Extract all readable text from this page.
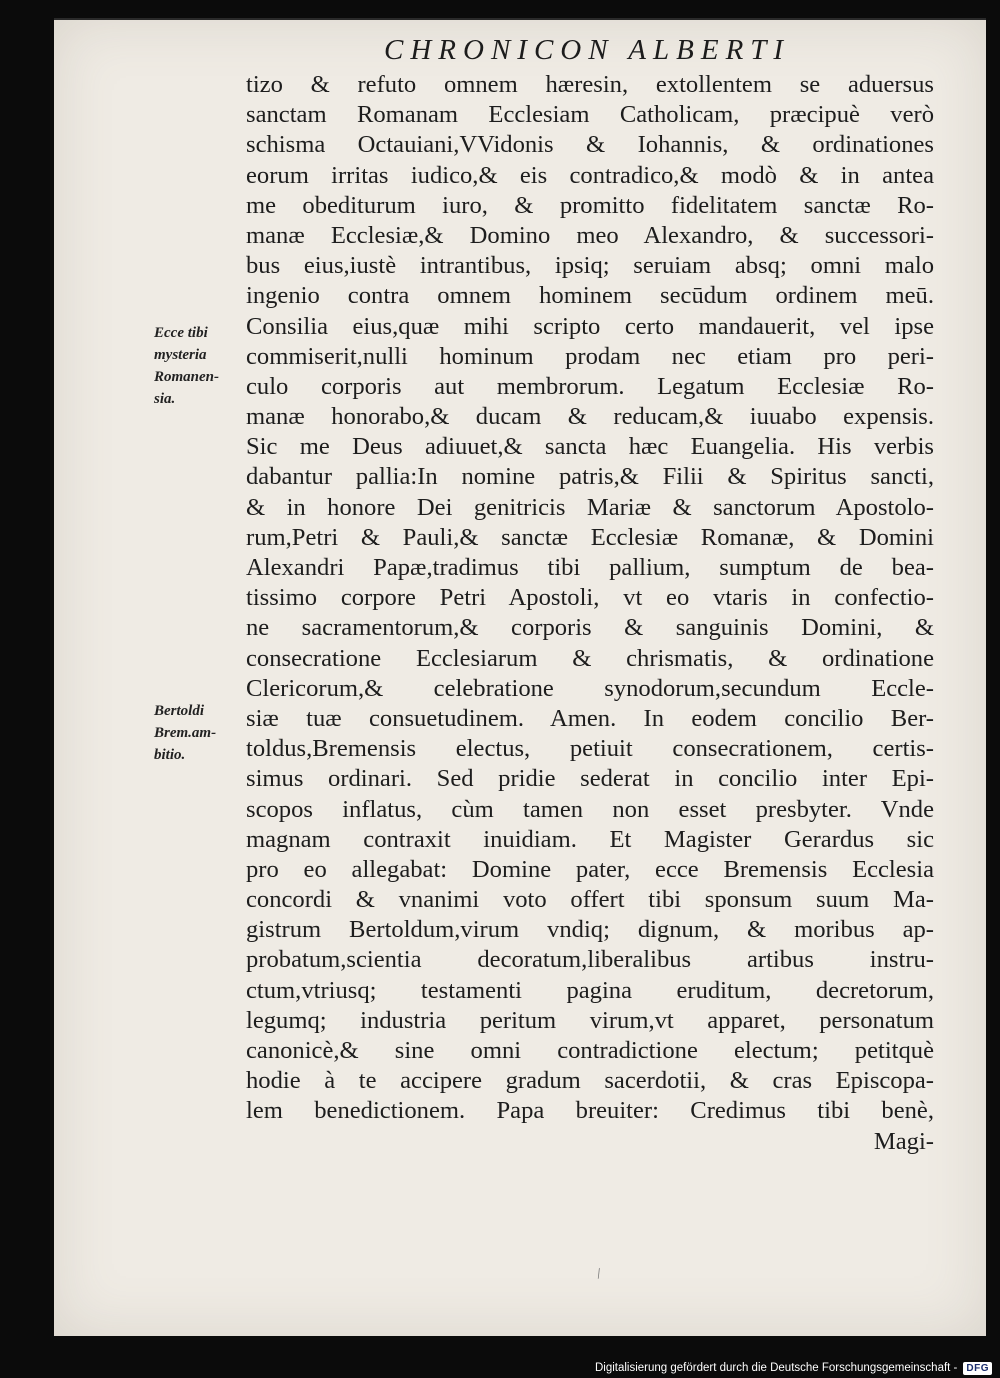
CHRONICON ALBERTI
tizo & refuto omnem hæresin, extollentem se aduersus
sanctam Romanam Ecclesiam Catholicam, præcipuè verò
schisma Octauiani,VVidonis & Iohannis, & ordinationes
eorum irritas iudico,& eis contradico,& modò & in antea
me obediturum iuro, & promitto fidelitatem sanctæ Ro-
manæ Ecclesiæ,& Domino meo Alexandro, & successori-
bus eius,iustè intrantibus, ipsiq; seruiam absq; omni malo
ingenio contra omnem hominem secūdum ordinem meū.
Consilia eius,quæ mihi scripto certo mandauerit, vel ipse
commiserit,nulli hominum prodam nec etiam pro peri-
culo corporis aut membrorum. Legatum Ecclesiæ Ro-
manæ honorabo,& ducam & reducam,& iuuabo expensis.
Sic me Deus adiuuet,& sancta hæc Euangelia. His verbis
dabantur pallia:In nomine patris,& Filii & Spiritus sancti,
& in honore Dei genitricis Mariæ & sanctorum Apostolo-
rum,Petri & Pauli,& sanctæ Ecclesiæ Romanæ, & Domini
Alexandri Papæ,tradimus tibi pallium, sumptum de bea-
tissimo corpore Petri Apostoli, vt eo vtaris in confectio-
ne sacramentorum,& corporis & sanguinis Domini, &
consecratione Ecclesiarum & chrismatis, & ordinatione
Clericorum,& celebratione synodorum,secundum Eccle-
siæ tuæ consuetudinem. Amen. In eodem concilio Ber-
toldus,Bremensis electus, petiuit consecrationem, certis-
simus ordinari. Sed pridie sederat in concilio inter Epi-
scopos inflatus, cùm tamen non esset presbyter. Vnde
magnam contraxit inuidiam. Et Magister Gerardus sic
pro eo allegabat: Domine pater, ecce Bremensis Ecclesia
concordi & vnanimi voto offert tibi sponsum suum Ma-
gistrum Bertoldum,virum vndiq; dignum, & moribus ap-
probatum,scientia decoratum,liberalibus artibus instru-
ctum,vtriusq; testamenti pagina eruditum, decretorum,
legumq; industria peritum virum,vt apparet, personatum
canonicè,& sine omni contradictione electum; petitquè
hodie à te accipere gradum sacerdotii, & cras Episcopa-
lem benedictionem. Papa breuiter: Credimus tibi benè,
Magi-
Ecce tibi
mysteria
Romanen-
sia.
Bertoldi
Brem.am-
bitio.
⁄
Digitalisierung gefördert durch die Deutsche Forschungsgemeinschaft - DFG
